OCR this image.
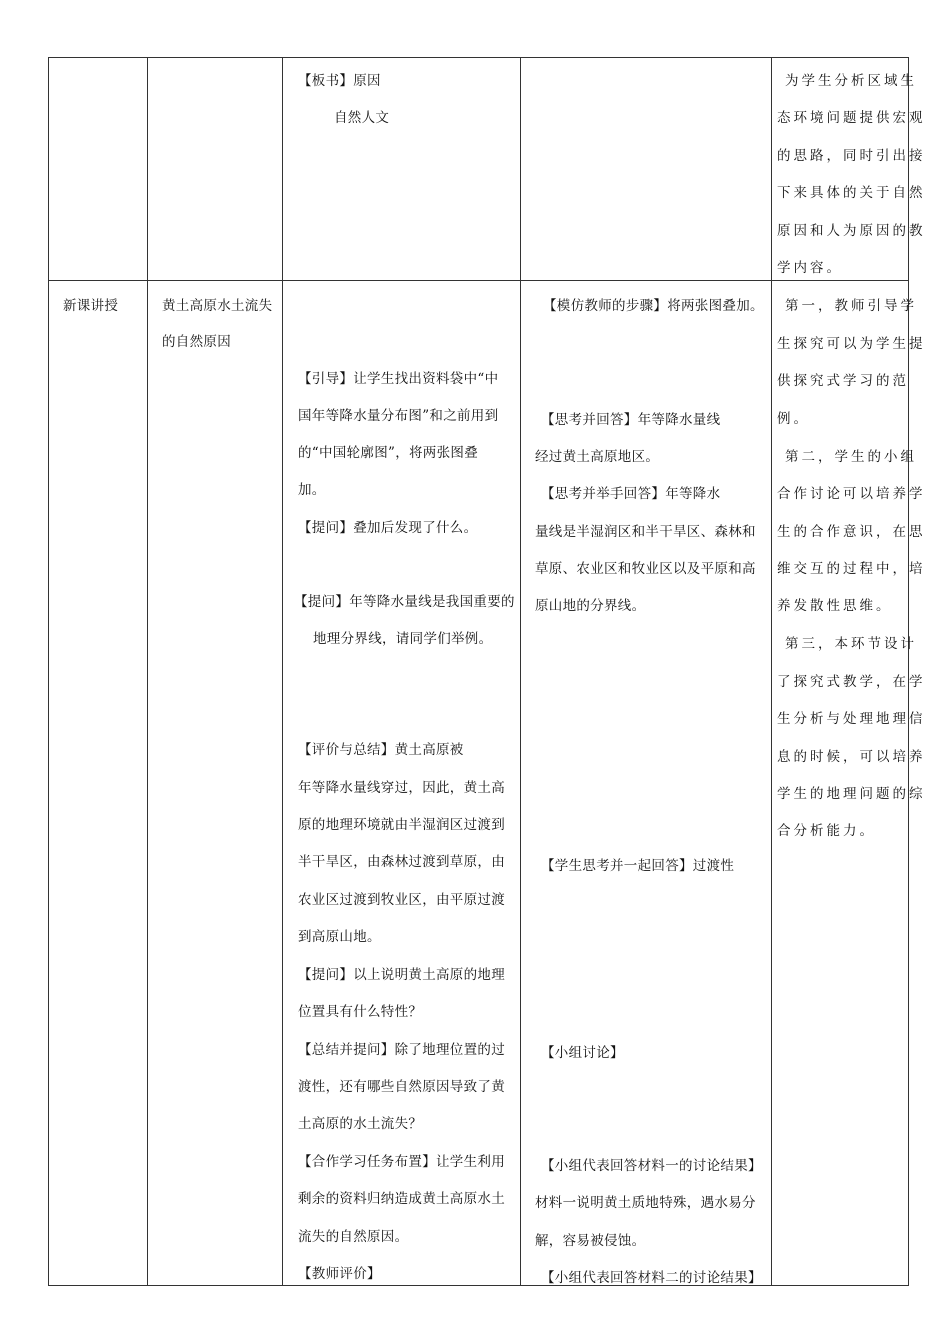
【板书】原因
自然人文
为学生分析区域生
态环境问题提供宏观
的思路，同时引出接
下来具体的关于自然
原因和人为原因的教
学内容。
新课讲授	黄土高原水土流失
的自然原因
【引导】让学生找出资料袋中“中
国年等降水量分布图”和之前用到
的“中国轮廓图”，将两张图叠
加。
【提问】叠加后发现了什么。
【提问】年等降水量线是我国重要的
地理分界线，请同学们举例。
【评价与总结】黄土高原被
年等降水量线穿过，因此，黄土高
原的地理环境就由半湿润区过渡到
半干旱区，由森林过渡到草原，由
农业区过渡到牧业区，由平原过渡
到高原山地。
【提问】以上说明黄土高原的地理
位置具有什么特性？
【总结并提问】除了地理位置的过
渡性，还有哪些自然原因导致了黄
土高原的水土流失？
【合作学习任务布置】让学生利用
剩余的资料归纳造成黄土高原水土
流失的自然原因。
【教师评价】
【模仿教师的步骤】将两张图叠加。
【思考并回答】年等降水量线
经过黄土高原地区。
【思考并举手回答】年等降水
量线是半湿润区和半干旱区、森林和
草原、农业区和牧业区以及平原和高
原山地的分界线。
【学生思考并一起回答】过渡性
【小组讨论】
【小组代表回答材料一的讨论结果】
材料一说明黄土质地特殊，遇水易分
解，容易被侵蚀。
【小组代表回答材料二的讨论结果】
第一，教师引导学
生探究可以为学生提
供探究式学习的范
例。
第二，学生的小组
合作讨论可以培养学
生的合作意识，在思
维交互的过程中，培
养发散性思维。
第三，本环节设计
了探究式教学，在学
生分析与处理地理信
息的时候，可以培养
学生的地理问题的综
合分析能力。
